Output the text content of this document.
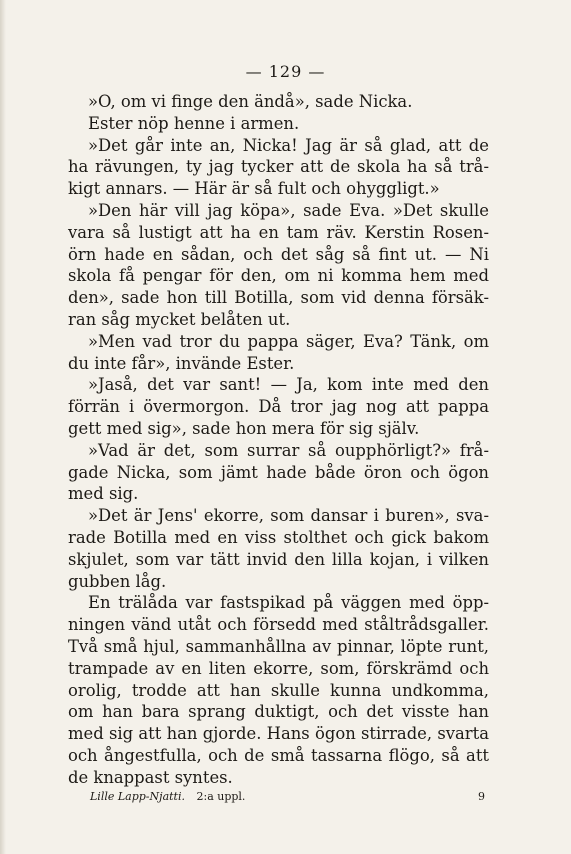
— 129 —
»O, om vi finge den ändå», sade Nicka.
Ester nöp henne i armen.
»Det går inte an, Nicka! Jag är så glad, att de
ha rävungen, ty jag tycker att de skola ha så trå-
kigt annars. — Här är så fult och ohyggligt.»
»Den här vill jag köpa», sade Eva. »Det skulle
vara så lustigt att ha en tam räv. Kerstin Rosen-
örn hade en sådan, och det såg så fint ut. — Ni
skola få pengar för den, om ni komma hem med
den», sade hon till Botilla, som vid denna försäk-
ran såg mycket belåten ut.
»Men vad tror du pappa säger, Eva? Tänk, om
du inte får», invände Ester.
»Jaså, det var sant! — Ja, kom inte med den
förrän i övermorgon. Då tror jag nog att pappa
gett med sig», sade hon mera för sig själv.
»Vad är det, som surrar så oupphörligt?» frå-
gade Nicka, som jämt hade både öron och ögon
med sig.
»Det är Jens' ekorre, som dansar i buren», sva-
rade Botilla med en viss stolthet och gick bakom
skjulet, som var tätt invid den lilla kojan, i vilken
gubben låg.
En trälåda var fastspikad på väggen med öpp-
ningen vänd utåt och försedd med ståltrådsgaller.
Två små hjul, sammanhållna av pinnar, löpte runt,
trampade av en liten ekorre, som, förskrämd och
orolig, trodde att han skulle kunna undkomma,
om han bara sprang duktigt, och det visste han
med sig att han gjorde. Hans ögon stirrade, svarta
och ångestfulla, och de små tassarna flögo, så att
de knappast syntes.
Lille Lapp-Njatti. 2:a uppl.	9
